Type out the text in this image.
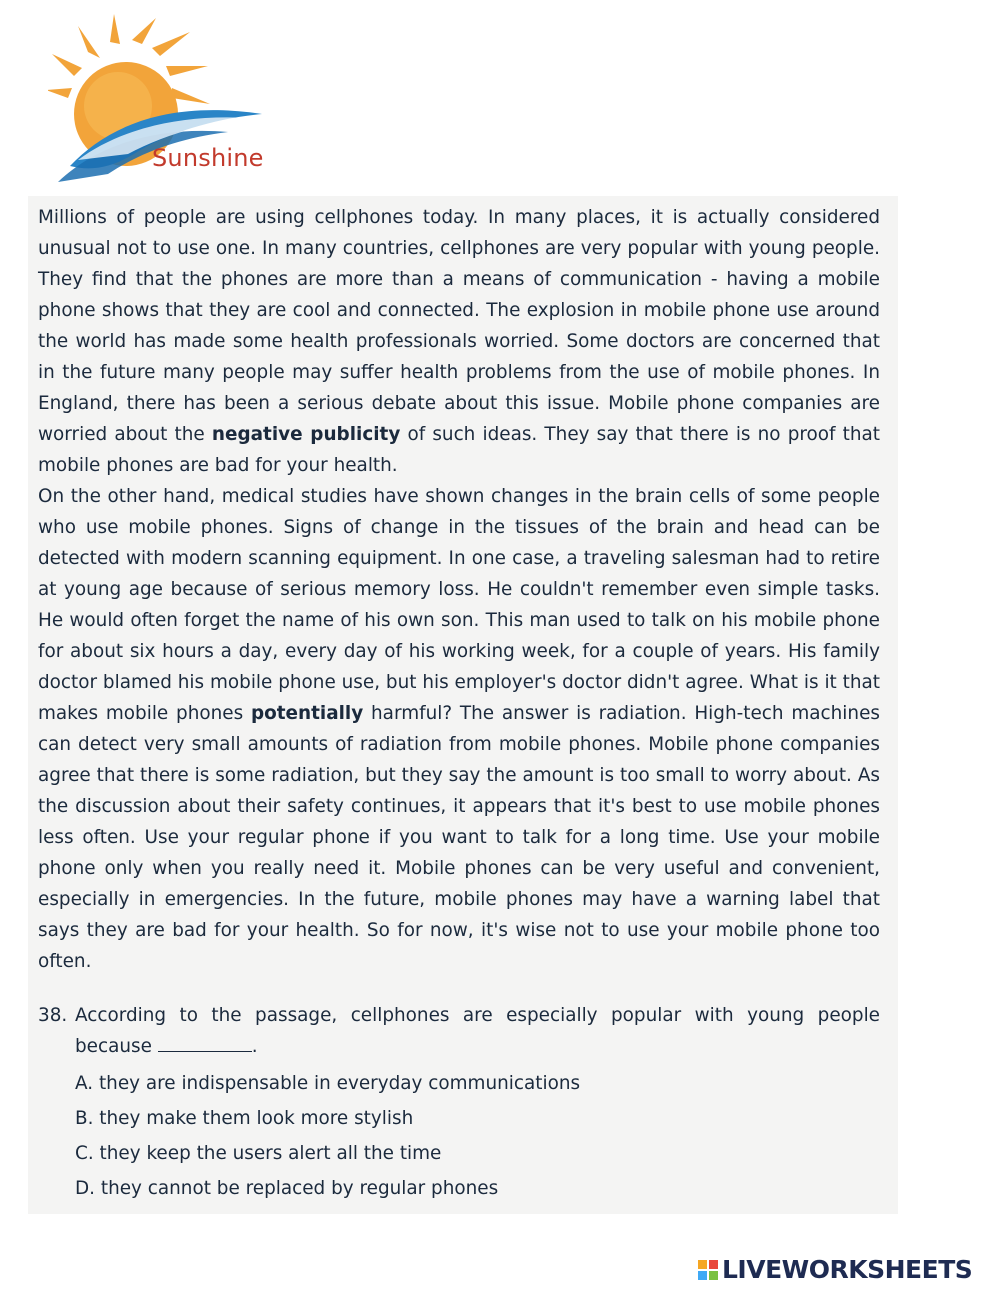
Sunshine

Millions of people are using cellphones today. In many places, it is actually considered unusual not to use one. In many countries, cellphones are very popular with young people. They find that the phones are more than a means of communication - having a mobile phone shows that they are cool and connected. The explosion in mobile phone use around the world has made some health professionals worried. Some doctors are concerned that in the future many people may suffer health problems from the use of mobile phones. In England, there has been a serious debate about this issue. Mobile phone companies are worried about the negative publicity of such ideas. They say that there is no proof that mobile phones are bad for your health.

On the other hand, medical studies have shown changes in the brain cells of some people who use mobile phones. Signs of change in the tissues of the brain and head can be detected with modern scanning equipment. In one case, a traveling salesman had to retire at young age because of serious memory loss. He couldn't remember even simple tasks. He would often forget the name of his own son. This man used to talk on his mobile phone for about six hours a day, every day of his working week, for a couple of years. His family doctor blamed his mobile phone use, but his employer's doctor didn't agree. What is it that makes mobile phones potentially harmful? The answer is radiation. High-tech machines can detect very small amounts of radiation from mobile phones. Mobile phone companies agree that there is some radiation, but they say the amount is too small to worry about. As the discussion about their safety continues, it appears that it's best to use mobile phones less often. Use your regular phone if you want to talk for a long time. Use your mobile phone only when you really need it. Mobile phones can be very useful and convenient, especially in emergencies. In the future, mobile phones may have a warning label that says they are bad for your health. So for now, it's wise not to use your mobile phone too often.

38. According to the passage, cellphones are especially popular with young people because	.
A. they are indispensable in everyday communications
B. they make them look more stylish
C. they keep the users alert all the time
D. they cannot be replaced by regular phones
LIVEWORKSHEETS
